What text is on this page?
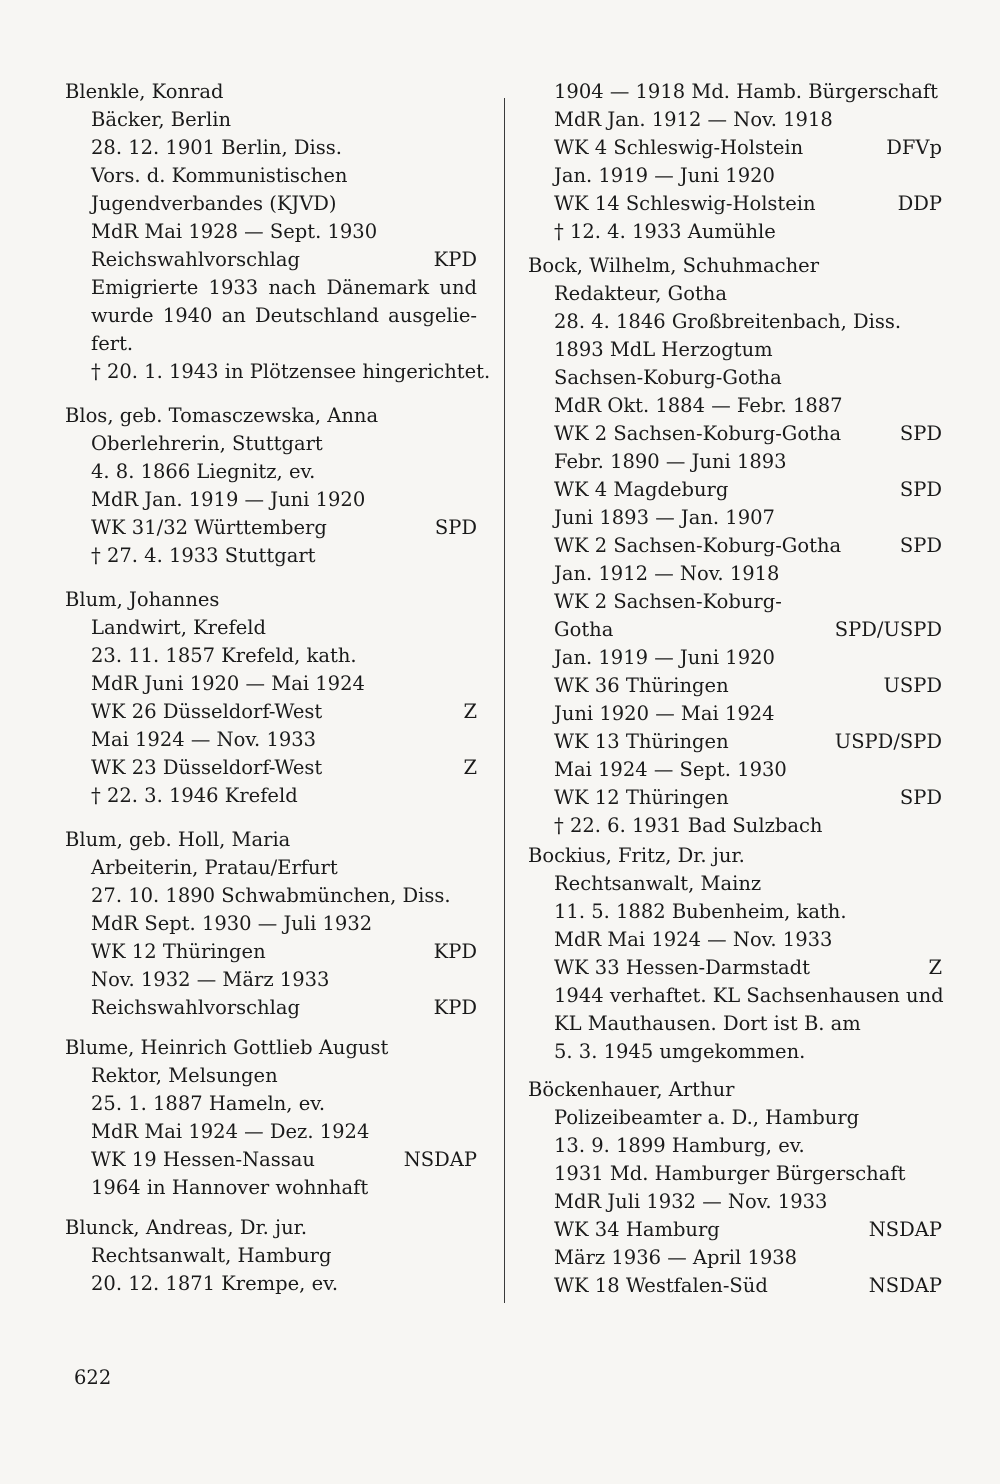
Blenkle, Konrad
Bäcker, Berlin
28. 12. 1901 Berlin, Diss.
Vors. d. Kommunistischen
Jugendverbandes (KJVD)
MdR Mai 1928 — Sept. 1930
Reichswahlvorschlag	KPD
Emigrierte 1933 nach Dänemark und
wurde 1940 an Deutschland ausgelie-
fert.
† 20. 1. 1943 in Plötzensee hingerichtet.
Blos, geb. Tomasczewska, Anna
Oberlehrerin, Stuttgart
4. 8. 1866 Liegnitz, ev.
MdR Jan. 1919 — Juni 1920
WK 31/32 Württemberg	SPD
† 27. 4. 1933 Stuttgart
Blum, Johannes
Landwirt, Krefeld
23. 11. 1857 Krefeld, kath.
MdR Juni 1920 — Mai 1924
WK 26 Düsseldorf-West	Z
Mai 1924 — Nov. 1933
WK 23 Düsseldorf-West	Z
† 22. 3. 1946 Krefeld
Blum, geb. Holl, Maria
Arbeiterin, Pratau/Erfurt
27. 10. 1890 Schwabmünchen, Diss.
MdR Sept. 1930 — Juli 1932
WK 12 Thüringen	KPD
Nov. 1932 — März 1933
Reichswahlvorschlag	KPD
Blume, Heinrich Gottlieb August
Rektor, Melsungen
25. 1. 1887 Hameln, ev.
MdR Mai 1924 — Dez. 1924
WK 19 Hessen-Nassau	NSDAP
1964 in Hannover wohnhaft
Blunck, Andreas, Dr. jur.
Rechtsanwalt, Hamburg
20. 12. 1871 Krempe, ev.
1904 — 1918 Md. Hamb. Bürgerschaft
MdR Jan. 1912 — Nov. 1918
WK 4 Schleswig-Holstein	DFVp
Jan. 1919 — Juni 1920
WK 14 Schleswig-Holstein	DDP
† 12. 4. 1933 Aumühle
Bock, Wilhelm, Schuhmacher
Redakteur, Gotha
28. 4. 1846 Großbreitenbach, Diss.
1893 MdL Herzogtum
Sachsen-Koburg-Gotha
MdR Okt. 1884 — Febr. 1887
WK 2 Sachsen-Koburg-Gotha	SPD
Febr. 1890 — Juni 1893
WK 4 Magdeburg	SPD
Juni 1893 — Jan. 1907
WK 2 Sachsen-Koburg-Gotha	SPD
Jan. 1912 — Nov. 1918
WK 2 Sachsen-Koburg-
Gotha	SPD/USPD
Jan. 1919 — Juni 1920
WK 36 Thüringen	USPD
Juni 1920 — Mai 1924
WK 13 Thüringen	USPD/SPD
Mai 1924 — Sept. 1930
WK 12 Thüringen	SPD
† 22. 6. 1931 Bad Sulzbach
Bockius, Fritz, Dr. jur.
Rechtsanwalt, Mainz
11. 5. 1882 Bubenheim, kath.
MdR Mai 1924 — Nov. 1933
WK 33 Hessen-Darmstadt	Z
1944 verhaftet. KL Sachsenhausen und
KL Mauthausen. Dort ist B. am
5. 3. 1945 umgekommen.
Böckenhauer, Arthur
Polizeibeamter a. D., Hamburg
13. 9. 1899 Hamburg, ev.
1931 Md. Hamburger Bürgerschaft
MdR Juli 1932 — Nov. 1933
WK 34 Hamburg	NSDAP
März 1936 — April 1938
WK 18 Westfalen-Süd	NSDAP
622
